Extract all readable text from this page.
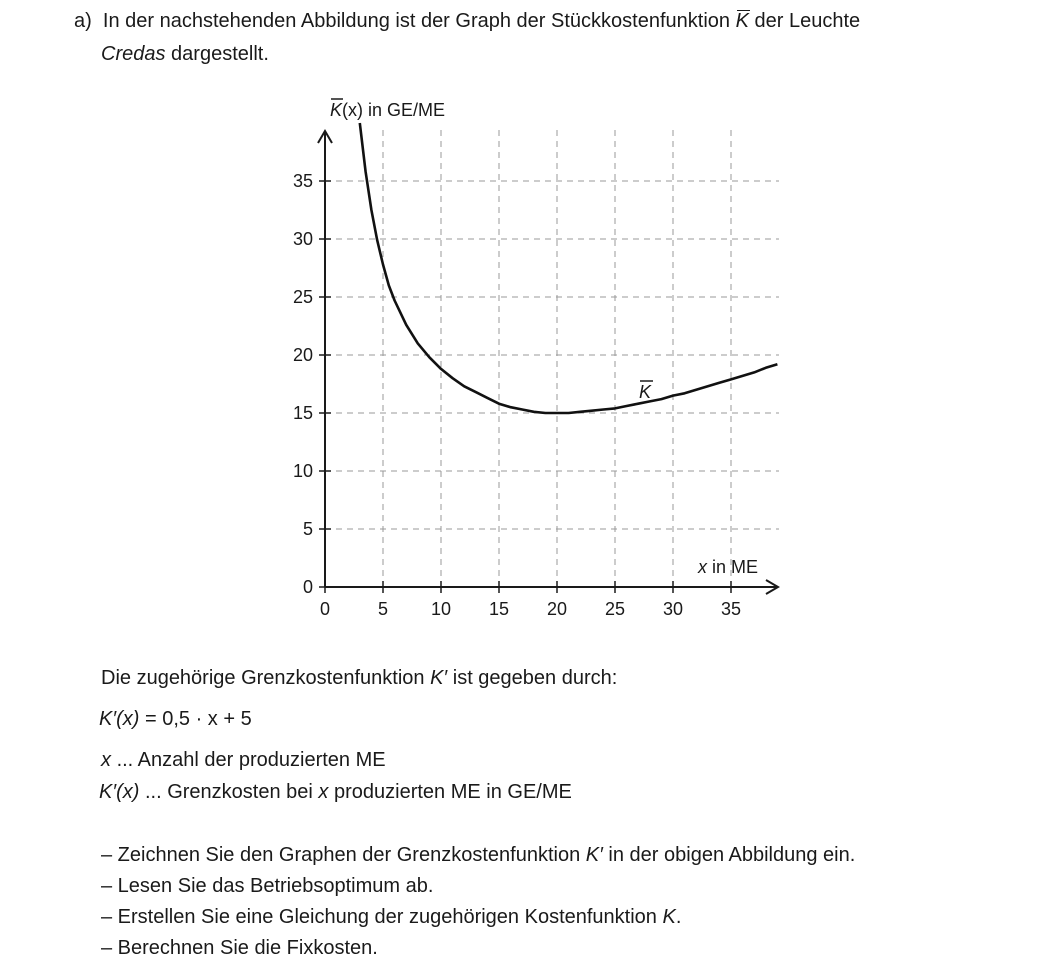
a) In der nachstehenden Abbildung ist der Graph der Stückkostenfunktion K der Leuchte
Credas dargestellt.
0	5 10 15 20 25 30 35
0
5
10
15
20
25
30
35
K(x) in GE/ME
x in ME
K
Die zugehörige Grenzkostenfunktion K′ ist gegeben durch:
K′(x) = 0,5 · x + 5
x ... Anzahl der produzierten ME
K′(x) ... Grenzkosten bei x produzierten ME in GE/ME
– Zeichnen Sie den Graphen der Grenzkostenfunktion K′ in der obigen Abbildung ein.
– Lesen Sie das Betriebsoptimum ab.
– Erstellen Sie eine Gleichung der zugehörigen Kostenfunktion K.
– Berechnen Sie die Fixkosten.
